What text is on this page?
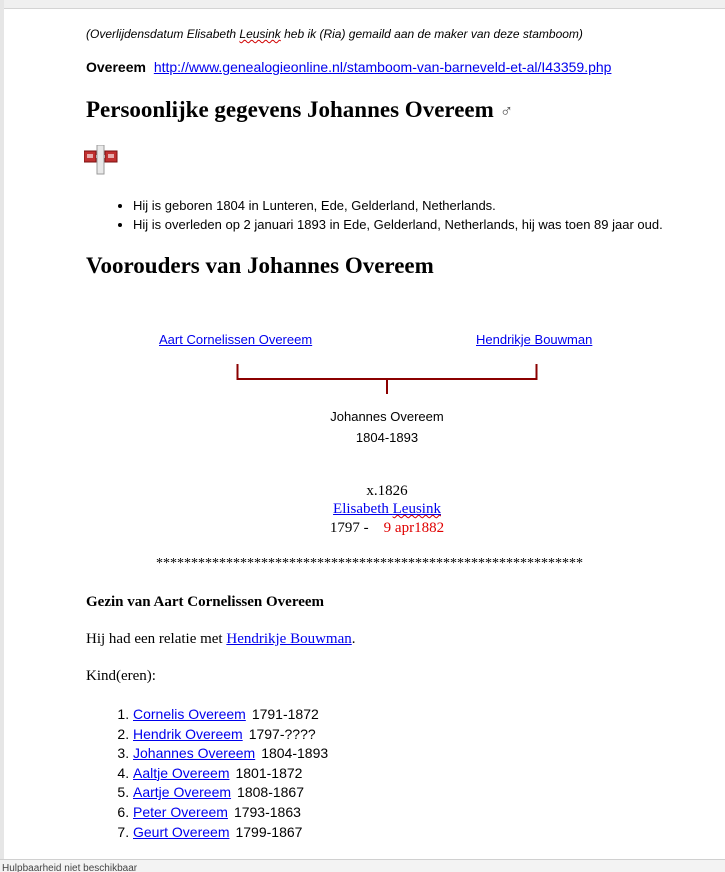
(Overlijdensdatum Elisabeth Leusink heb ik (Ria) gemaild aan de maker van deze stamboom)
Overeem http://www.genealogieonline.nl/stamboom-van-barneveld-et-al/I43359.php
Persoonlijke gegevens Johannes Overeem ♂
• Hij is geboren 1804 in Lunteren, Ede, Gelderland, Netherlands.
• Hij is overleden op 2 januari 1893 in Ede, Gelderland, Netherlands, hij was toen 89 jaar oud.
Voorouders van Johannes Overeem
Aart Cornelissen Overeem	Hendrikje Bouwman
Johannes Overeem
1804-1893
x.1826
Elisabeth Leusink
1797 - 9 apr1882
*************************************************************
Gezin van Aart Cornelissen Overeem
Hij had een relatie met Hendrikje Bouwman.
Kind(eren):
1. Cornelis Overeem 1791-1872
2. Hendrik Overeem 1797-????
3. Johannes Overeem 1804-1893
4. Aaltje Overeem 1801-1872
5. Aartje Overeem 1808-1867
6. Peter Overeem 1793-1863
7. Geurt Overeem 1799-1867
Hulpbaarheid niet beschikbaar
